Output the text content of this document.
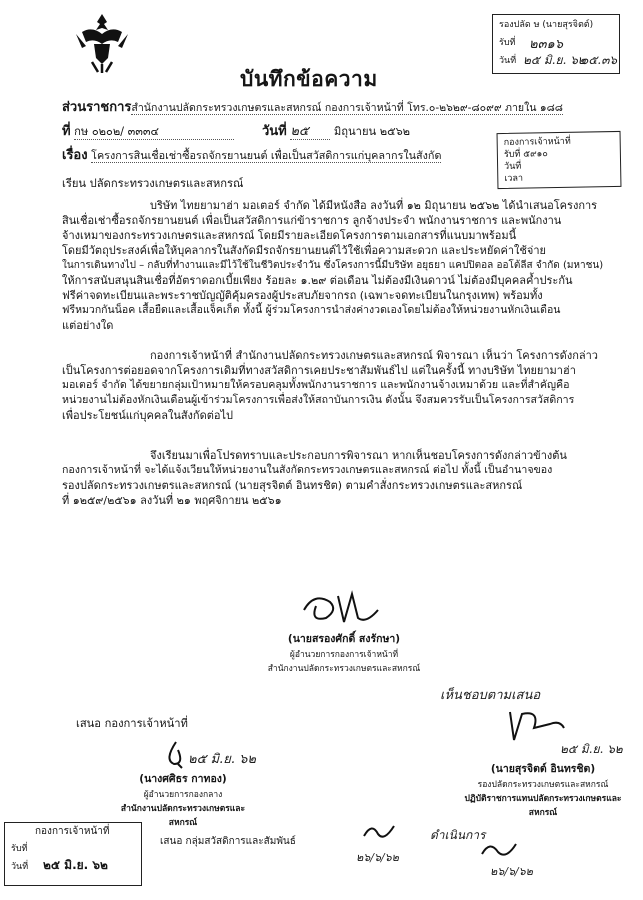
รองปลัด ษ (นายสุรจิตต์)
รับที่ ๒๓๑๖
วันที่ ๒๕ มิ.ย. ๖๒
๐๕.๓๖
บันทึกข้อความ
ส่วนราชการสำนักงานปลัดกระทรวงเกษตรและสหกรณ์ กองการเจ้าหน้าที่ โทร.๐-๒๖๒๙-๘๐๙๙ ภายใน ๑๘๘
ที่ กษ ๐๒๐๒/ ๓๓๓๔	วันที่ ๒๕ มิถุนายน ๒๕๖๒
เรื่อง โครงการสินเชื่อเช่าซื้อรถจักรยานยนต์ เพื่อเป็นสวัสดิการแก่บุคลากรในสังกัด
กองการเจ้าหน้าที่
รับที่ ๕๙๑๐
วันที่
เวลา
เรียน ปลัดกระทรวงเกษตรและสหกรณ์
บริษัท ไทยยามาฮ่า มอเตอร์ จำกัด ได้มีหนังสือ ลงวันที่ ๑๒ มิถุนายน ๒๕๖๒ ได้นำเสนอโครงการ
สินเชื่อเช่าซื้อรถจักรยานยนต์ เพื่อเป็นสวัสดิการแก่ข้าราชการ ลูกจ้างประจำ พนักงานราชการ และพนักงาน
จ้างเหมาของกระทรวงเกษตรและสหกรณ์ โดยมีรายละเอียดโครงการตามเอกสารที่แนบมาพร้อมนี้
โดยมีวัตถุประสงค์เพื่อให้บุคลากรในสังกัดมีรถจักรยานยนต์ไว้ใช้เพื่อความสะดวก และประหยัดค่าใช้จ่าย
ในการเดินทางไป – กลับที่ทำงานและมีไว้ใช้ในชีวิตประจำวัน ซึ่งโครงการนี้มีบริษัท อยุธยา แคปปิตอล ออโต้ลีส จำกัด (มหาชน)
ให้การสนับสนุนสินเชื่อที่อัตราดอกเบี้ยเพียง ร้อยละ ๑.๒๙ ต่อเดือน ไม่ต้องมีเงินดาวน์ ไม่ต้องมีบุคคลค้ำประกัน
ฟรีค่าจดทะเบียนและพระราชบัญญัติคุ้มครองผู้ประสบภัยจากรถ (เฉพาะจดทะเบียนในกรุงเทพ) พร้อมทั้ง
ฟรีหมวกกันน็อค เสื้อยืดและเสื้อแจ็คเก็ต ทั้งนี้ ผู้ร่วมโครงการนำส่งค่างวดเองโดยไม่ต้องให้หน่วยงานหักเงินเดือน
แต่อย่างใด
กองการเจ้าหน้าที่ สำนักงานปลัดกระทรวงเกษตรและสหกรณ์ พิจารณา เห็นว่า โครงการดังกล่าว
เป็นโครงการต่อยอดจากโครงการเดิมที่ทางสวัสดิการเคยประชาสัมพันธ์ไป แต่ในครั้งนี้ ทางบริษัท ไทยยามาฮ่า
มอเตอร์ จำกัด ได้ขยายกลุ่มเป้าหมายให้ครอบคลุมทั้งพนักงานราชการ และพนักงานจ้างเหมาด้วย และที่สำคัญคือ
หน่วยงานไม่ต้องหักเงินเดือนผู้เข้าร่วมโครงการเพื่อส่งให้สถาบันการเงิน ดังนั้น จึงสมควรรับเป็นโครงการสวัสดิการ
เพื่อประโยชน์แก่บุคคลในสังกัดต่อไป
จึงเรียนมาเพื่อโปรดทราบและประกอบการพิจารณา หากเห็นชอบโครงการดังกล่าวข้างต้น
กองการเจ้าหน้าที่ จะได้แจ้งเวียนให้หน่วยงานในสังกัดกระทรวงเกษตรและสหกรณ์ ต่อไป ทั้งนี้ เป็นอำนาจของ
รองปลัดกระทรวงเกษตรและสหกรณ์ (นายสุรจิตต์ อินทรชิต) ตามคำสั่งกระทรวงเกษตรและสหกรณ์
ที่ ๑๒๕๙/๒๕๖๑ ลงวันที่ ๒๑ พฤศจิกายน ๒๕๖๑
(นายสรองศักดิ์ สงรักษา)
ผู้อำนวยการกองการเจ้าหน้าที่
สำนักงานปลัดกระทรวงเกษตรและสหกรณ์
เสนอ กองการเจ้าหน้าที่
๒๕ มิ.ย. ๖๒
(นางศศิธร กาทอง)
ผู้อำนวยการกองกลาง
สำนักงานปลัดกระทรวงเกษตรและสหกรณ์
เห็นชอบตามเสนอ
๒๕ มิ.ย. ๖๒
(นายสุรจิตต์ อินทรชิต)
รองปลัดกระทรวงเกษตรและสหกรณ์
ปฏิบัติราชการแทนปลัดกระทรวงเกษตรและสหกรณ์
กองการเจ้าหน้าที่
รับที่
วันที่ ๒๕ มิ.ย. ๖๒
เสนอ กลุ่มสวัสดิการและสัมพันธ์
๒๖/๖/๖๒
ดำเนินการ
๒๖/๖/๖๒
